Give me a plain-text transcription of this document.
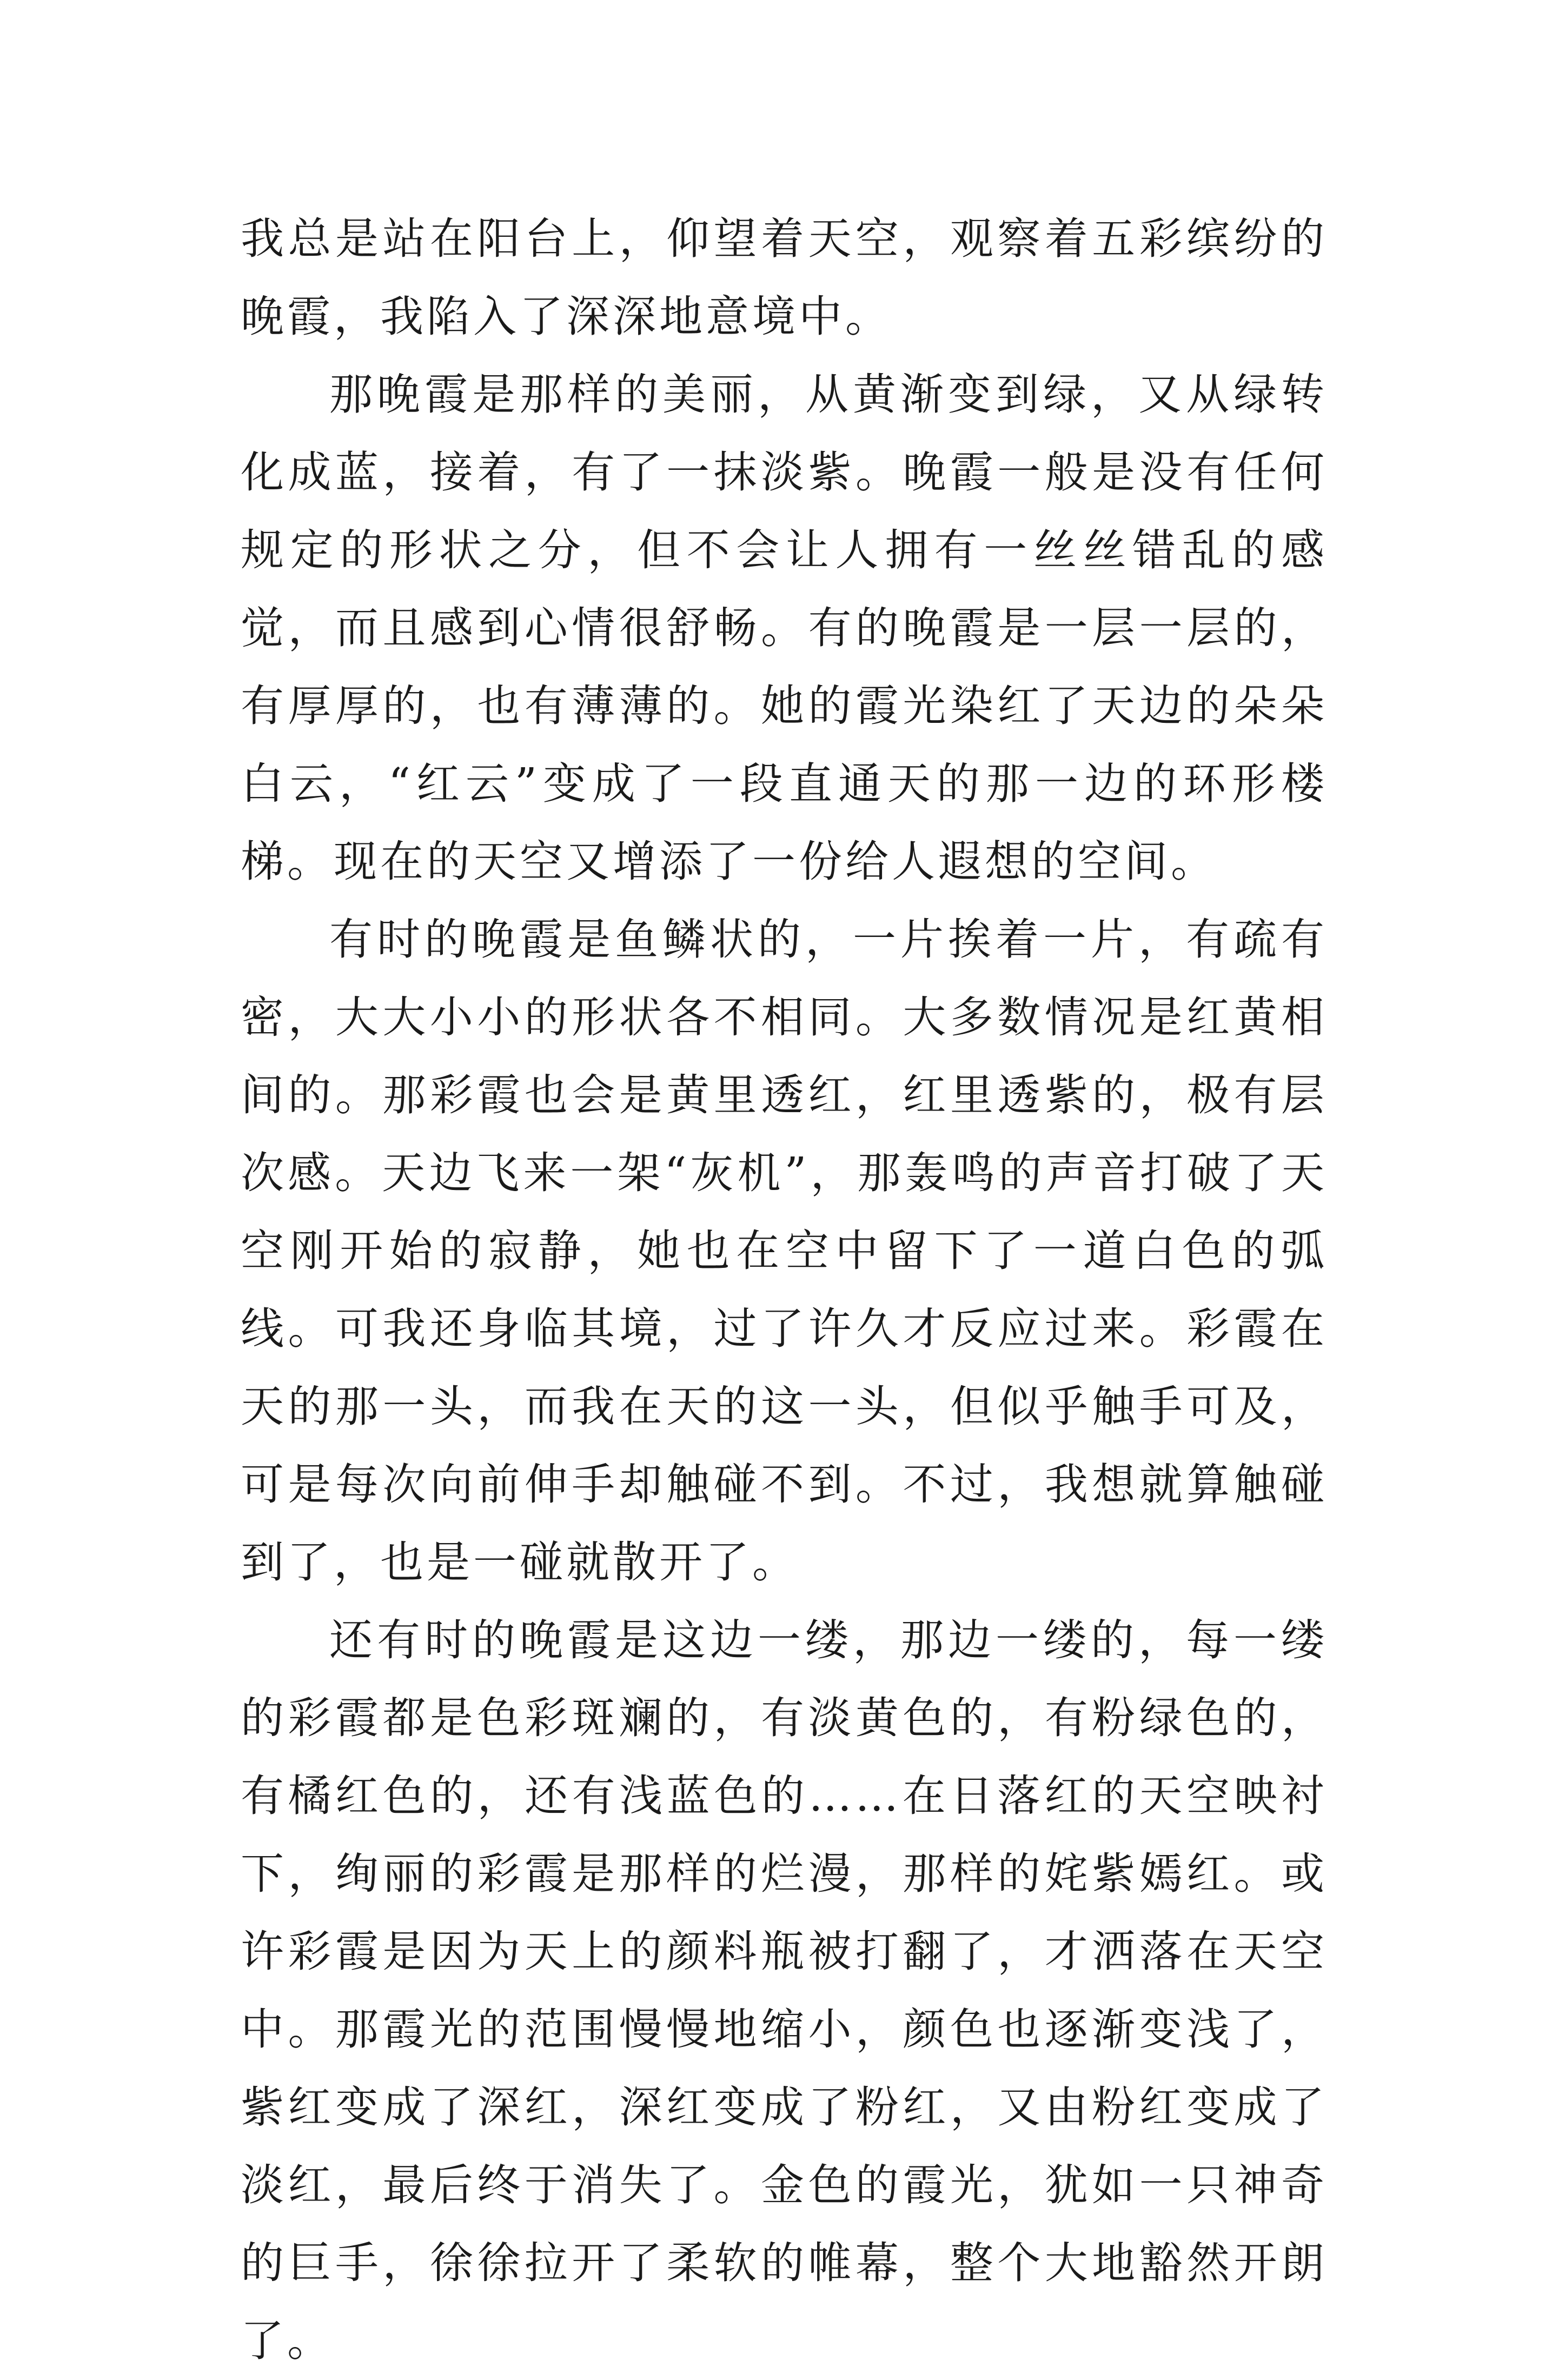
我总是站在阳台上，仰望着天空，观察着五彩缤纷的晚霞，我陷入了深深地意境中。

那晚霞是那样的美丽，从黄渐变到绿，又从绿转化成蓝，接着，有了一抹淡紫。晚霞一般是没有任何规定的形状之分，但不会让人拥有一丝丝错乱的感觉，而且感到心情很舒畅。有的晚霞是一层一层的，有厚厚的，也有薄薄的。她的霞光染红了天边的朵朵白云，“红云”变成了一段直通天的那一边的环形楼梯。现在的天空又增添了一份给人遐想的空间。

有时的晚霞是鱼鳞状的，一片挨着一片，有疏有密，大大小小的形状各不相同。大多数情况是红黄相间的。那彩霞也会是黄里透红，红里透紫的，极有层次感。天边飞来一架“灰机”，那轰鸣的声音打破了天空刚开始的寂静，她也在空中留下了一道白色的弧线。可我还身临其境，过了许久才反应过来。彩霞在天的那一头，而我在天的这一头，但似乎触手可及，可是每次向前伸手却触碰不到。不过，我想就算触碰到了，也是一碰就散开了。

还有时的晚霞是这边一缕，那边一缕的，每一缕的彩霞都是色彩斑斓的，有淡黄色的，有粉绿色的，有橘红色的，还有浅蓝色的……在日落红的天空映衬下，绚丽的彩霞是那样的烂漫，那样的姹紫嫣红。或许彩霞是因为天上的颜料瓶被打翻了，才洒落在天空中。那霞光的范围慢慢地缩小，颜色也逐渐变浅了，紫红变成了深红，深红变成了粉红，又由粉红变成了淡红，最后终于消失了。金色的霞光，犹如一只神奇的巨手，徐徐拉开了柔软的帷幕，整个大地豁然开朗了。
